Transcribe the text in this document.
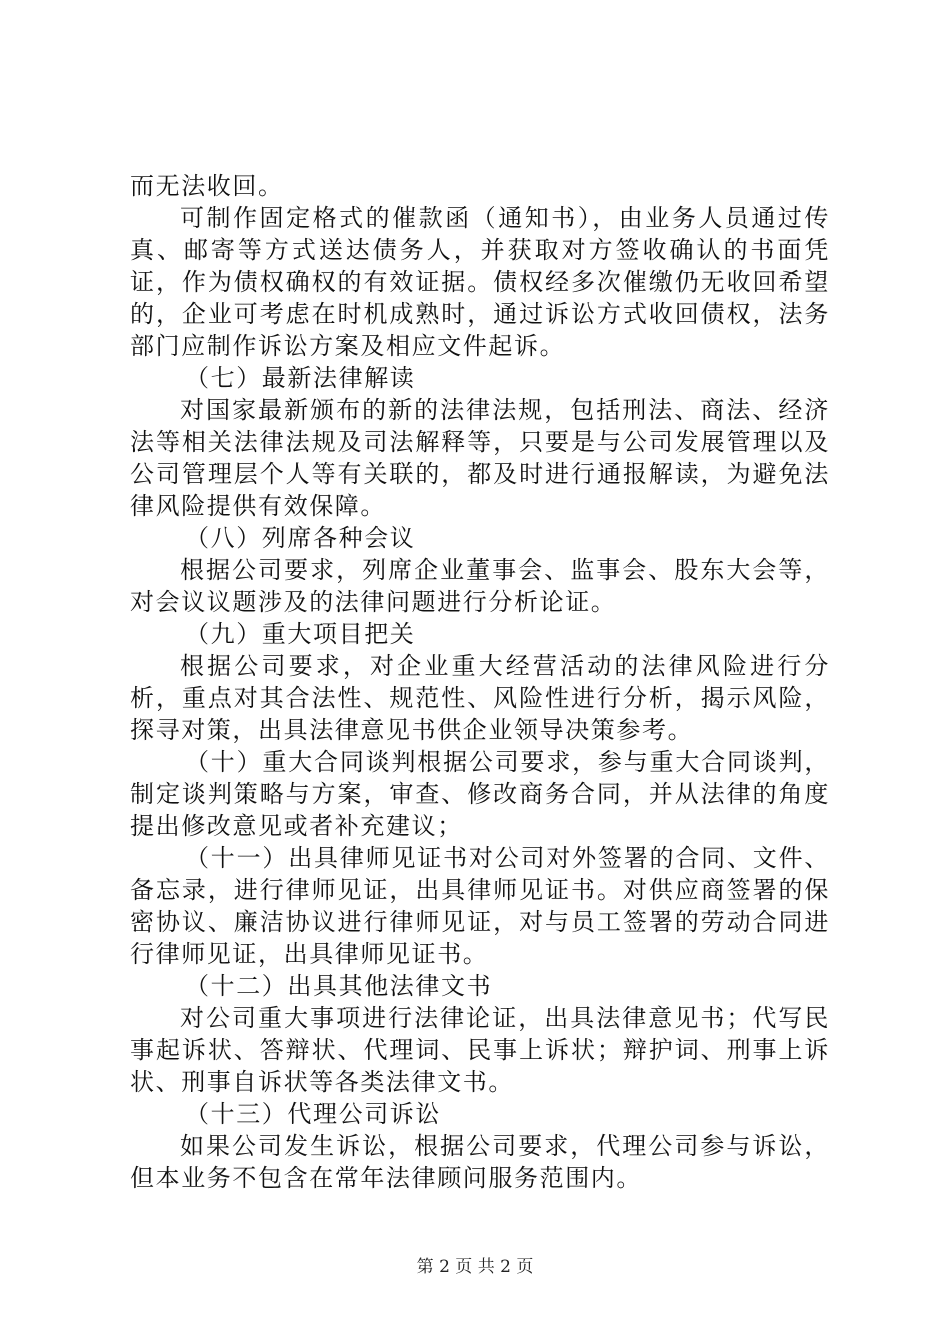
而无法收回。

可制作固定格式的催款函（通知书），由业务人员通过传真、邮寄等方式送达债务人，并获取对方签收确认的书面凭证，作为债权确权的有效证据。债权经多次催缴仍无收回希望的，企业可考虑在时机成熟时，通过诉讼方式收回债权，法务部门应制作诉讼方案及相应文件起诉。

（七）最新法律解读

对国家最新颁布的新的法律法规，包括刑法、商法、经济法等相关法律法规及司法解释等，只要是与公司发展管理以及公司管理层个人等有关联的，都及时进行通报解读，为避免法律风险提供有效保障。

（八）列席各种会议

根据公司要求，列席企业董事会、监事会、股东大会等，对会议议题涉及的法律问题进行分析论证。

（九）重大项目把关

根据公司要求，对企业重大经营活动的法律风险进行分析，重点对其合法性、规范性、风险性进行分析，揭示风险，探寻对策，出具法律意见书供企业领导决策参考。

（十）重大合同谈判根据公司要求，参与重大合同谈判，制定谈判策略与方案，审查、修改商务合同，并从法律的角度提出修改意见或者补充建议；

（十一）出具律师见证书对公司对外签署的合同、文件、备忘录，进行律师见证，出具律师见证书。对供应商签署的保密协议、廉洁协议进行律师见证，对与员工签署的劳动合同进行律师见证，出具律师见证书。

（十二）出具其他法律文书

对公司重大事项进行法律论证，出具法律意见书；代写民事起诉状、答辩状、代理词、民事上诉状；辩护词、刑事上诉状、刑事自诉状等各类法律文书。

（十三）代理公司诉讼

如果公司发生诉讼，根据公司要求，代理公司参与诉讼，但本业务不包含在常年法律顾问服务范围内。

第 2 页 共 2 页
